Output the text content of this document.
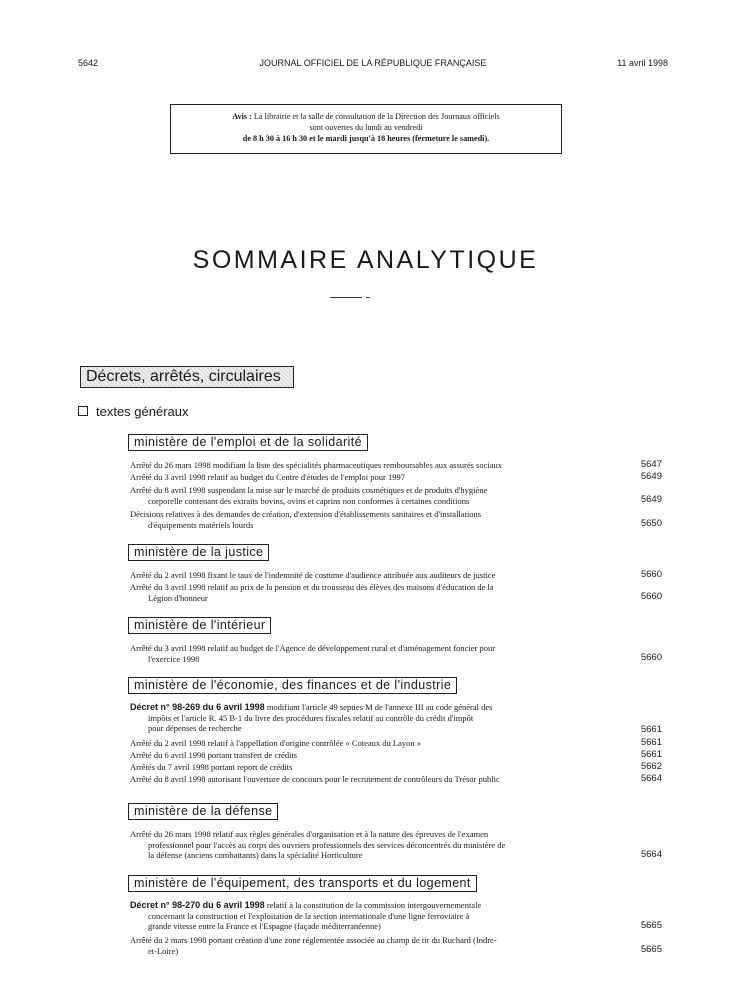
5642	JOURNAL OFFICIEL DE LA RÉPUBLIQUE FRANÇAISE	11 avril 1998
Avis : La librairie et la salle de consultation de la Direction des Journaux officiels
sont ouvertes du lundi au vendredi
de 8 h 30 à 16 h 30 et le mardi jusqu'à 18 heures (fermeture le samedi).
SOMMAIRE ANALYTIQUE
Décrets, arrêtés, circulaires
textes généraux
ministère de l'emploi et de la solidarité
Arrêté du 26 mars 1998 modifiant la liste des spécialités pharmaceutiques remboursables aux assurés sociaux	5647
Arrêté du 3 avril 1998 relatif au budget du Centre d'études de l'emploi pour 1997	5649
Arrêté du 8 avril 1998 suspendant la mise sur le marché de produits cosmétiques et de produits d'hygiène
corporelle contenant des extraits bovins, ovins et caprins non conformes à certaines conditions	5649
Décisions relatives à des demandes de création, d'extension d'établissements sanitaires et d'installations
d'équipements matériels lourds	5650
ministère de la justice
Arrêté du 2 avril 1998 fixant le taux de l'indemnité de costume d'audience attribuée aux auditeurs de justice	5660
Arrêté du 3 avril 1998 relatif au prix de la pension et du trousseau des élèves des maisons d'éducation de la
Légion d'honneur	5660
ministère de l'intérieur
Arrêté du 3 avril 1998 relatif au budget de l'Agence de développement rural et d'aménagement foncier pour
l'exercice 1998	5660
ministère de l'économie, des finances et de l'industrie
Décret n° 98-269 du 6 avril 1998 modifiant l'article 49 septies M de l'annexe III au code général des
impôts et l'article R. 45 B-1 du livre des procédures fiscales relatif au contrôle du crédit d'impôt
pour dépenses de recherche	5661
Arrêté du 2 avril 1998 relatif à l'appellation d'origine contrôlée « Coteaux du Layon »	5661
Arrêté du 6 avril 1998 portant transfert de crédits	5661
Arrêtés du 7 avril 1998 portant report de crédits	5662
Arrêté du 8 avril 1998 autorisant l'ouverture de concours pour le recrutement de contrôleurs du Trésor public	5664
ministère de la défense
Arrêté du 26 mars 1998 relatif aux règles générales d'organisation et à la nature des épreuves de l'examen
professionnel pour l'accès au corps des ouvriers professionnels des services déconcentrés du ministère de
la défense (anciens combattants) dans la spécialité Horticulture	5664
ministère de l'équipement, des transports et du logement
Décret n° 98-270 du 6 avril 1998 relatif à la constitution de la commission intergouvernementale
concernant la construction et l'exploitation de la section internationale d'une ligne ferroviaire à
grande vitesse entre la France et l'Espagne (façade méditerranéenne)	5665
Arrêté du 2 mars 1998 portant création d'une zone réglementée associée au champ de tir du Ruchard (Indre-
et-Loire)	5665
